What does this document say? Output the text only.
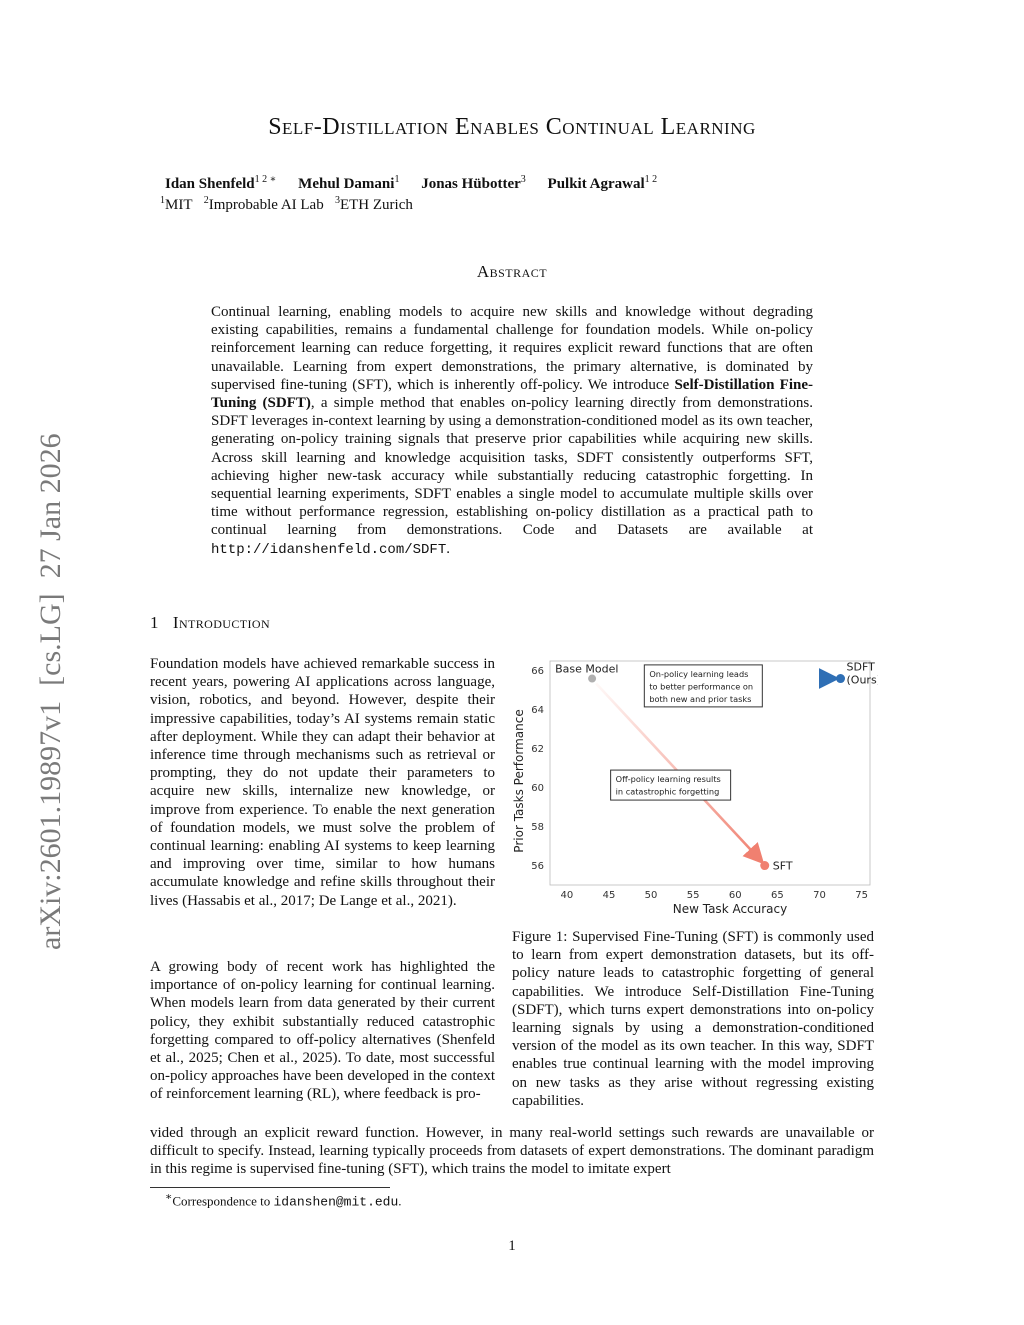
arXiv:2601.19897v1  [cs.LG]  27 Jan 2026
Self-Distillation Enables Continual Learning
Idan Shenfeld$^{1 2 ∗}$ Mehul Damani$^1$ Jonas Hübotter$^3$ Pulkit Agrawal$^{1 2}$
$^1$MIT $^2$Improbable AI Lab $^3$ETH Zurich
Abstract
Continual learning, enabling models to acquire new skills and knowledge without degrading existing capabilities, remains a fundamental challenge for foundation models. While on-policy reinforcement learning can reduce forgetting, it requires explicit reward functions that are often unavailable. Learning from expert demonstrations, the primary alternative, is dominated by supervised fine-tuning (SFT), which is inherently off-policy. We introduce Self-Distillation Fine-Tuning (SDFT), a simple method that enables on-policy learning directly from demonstrations. SDFT leverages in-context learning by using a demonstration-conditioned model as its own teacher, generating on-policy training signals that preserve prior capabilities while acquiring new skills. Across skill learning and knowledge acquisition tasks, SDFT consistently outperforms SFT, achieving higher new-task accuracy while substantially reducing catastrophic forgetting. In sequential learning experiments, SDFT enables a single model to accumulate multiple skills over time without performance regression, establishing on-policy distillation as a practical path to continual learning from demonstrations. Code and Datasets are available at http://idanshenfeld.com/SDFT.
1 Introduction
Foundation models have achieved remarkable success in recent years, powering AI applications across language, vision, robotics, and beyond. However, despite their impressive capabilities, today’s AI systems remain static after deployment. While they can adapt their behavior at inference time through mechanisms such as retrieval or prompting, they do not update their parameters to acquire new skills, internalize new knowledge, or improve from experience. To enable the next generation of foundation models, we must solve the problem of continual learning: enabling AI systems to keep learning and improving over time, similar to how humans accumulate knowledge and refine skills throughout their lives (Hassabis et al., 2017; De Lange et al., 2021).
A growing body of recent work has highlighted the importance of on-policy learning for continual learning. When models learn from data generated by their current policy, they exhibit substantially reduced catastrophic forgetting compared to off-policy alternatives (Shenfeld et al., 2025; Chen et al., 2025). To date, most successful on-policy approaches have been developed in the context of reinforcement learning (RL), where feedback is pro-
vided through an explicit reward function. However, in many real-world settings such rewards are unavailable or difficult to specify. Instead, learning typically proceeds from datasets of expert demonstrations. The dominant paradigm in this regime is supervised fine-tuning (SFT), which trains the model to imitate expert
40	45	50	55	60	65	70	75
56
58
60
62
64
66
New Task Accuracy
Prior Tasks Performance
Base Model	SDFT
(Ours)
SFT
On-policy learning leads
to better performance on
both new and prior tasks
Off-policy learning results
in catastrophic forgetting
Figure 1: Supervised Fine-Tuning (SFT) is commonly used to learn from expert demonstration datasets, but its off-policy nature leads to catastrophic forgetting of general capabilities. We introduce Self-Distillation Fine-Tuning (SDFT), which turns expert demonstrations into on-policy learning signals by using a demonstration-conditioned version of the model as its own teacher. In this way, SDFT enables true continual learning with the model improving on new tasks as they arise without regressing existing capabilities.
∗Correspondence to idanshen@mit.edu.
1
